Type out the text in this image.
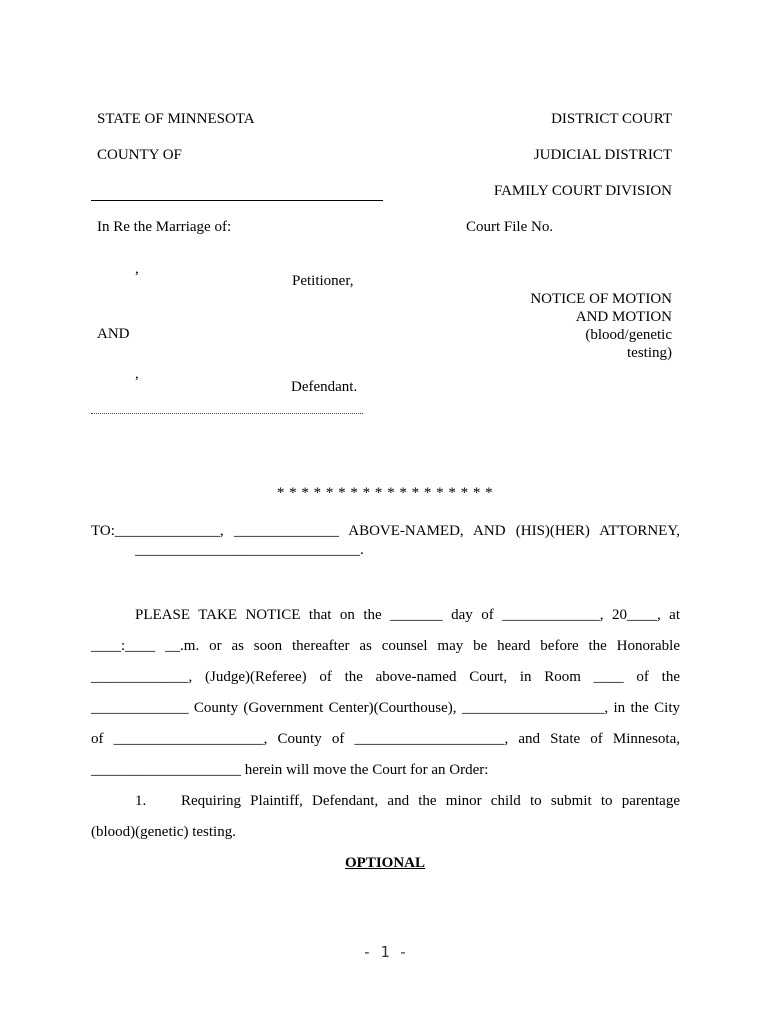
STATE OF MINNESOTA
COUNTY OF
In Re the Marriage of:
,
Petitioner,
AND
,
Defendant.
DISTRICT COURT
JUDICIAL DISTRICT
FAMILY COURT DIVISION
Court File No.
NOTICE OF MOTION
AND MOTION
(blood/genetic
testing)
* * * * * * * * * * * * * * * * * *
TO:______________, ______________ ABOVE-NAMED, AND (HIS)(HER) ATTORNEY,
______________________________.
PLEASE TAKE NOTICE that on the _______ day of _____________, 20____, at
____:____ __.m. or as soon thereafter as counsel may be heard before the Honorable
_____________, (Judge)(Referee) of the above-named Court, in Room ____ of the
_____________ County (Government Center)(Courthouse), ___________________, in the City
of ____________________, County of ____________________, and State of Minnesota,
____________________ herein will move the Court for an Order:
1. Requiring Plaintiff, Defendant, and the minor child to submit to parentage
(blood)(genetic) testing.
OPTIONAL
- 1 -
